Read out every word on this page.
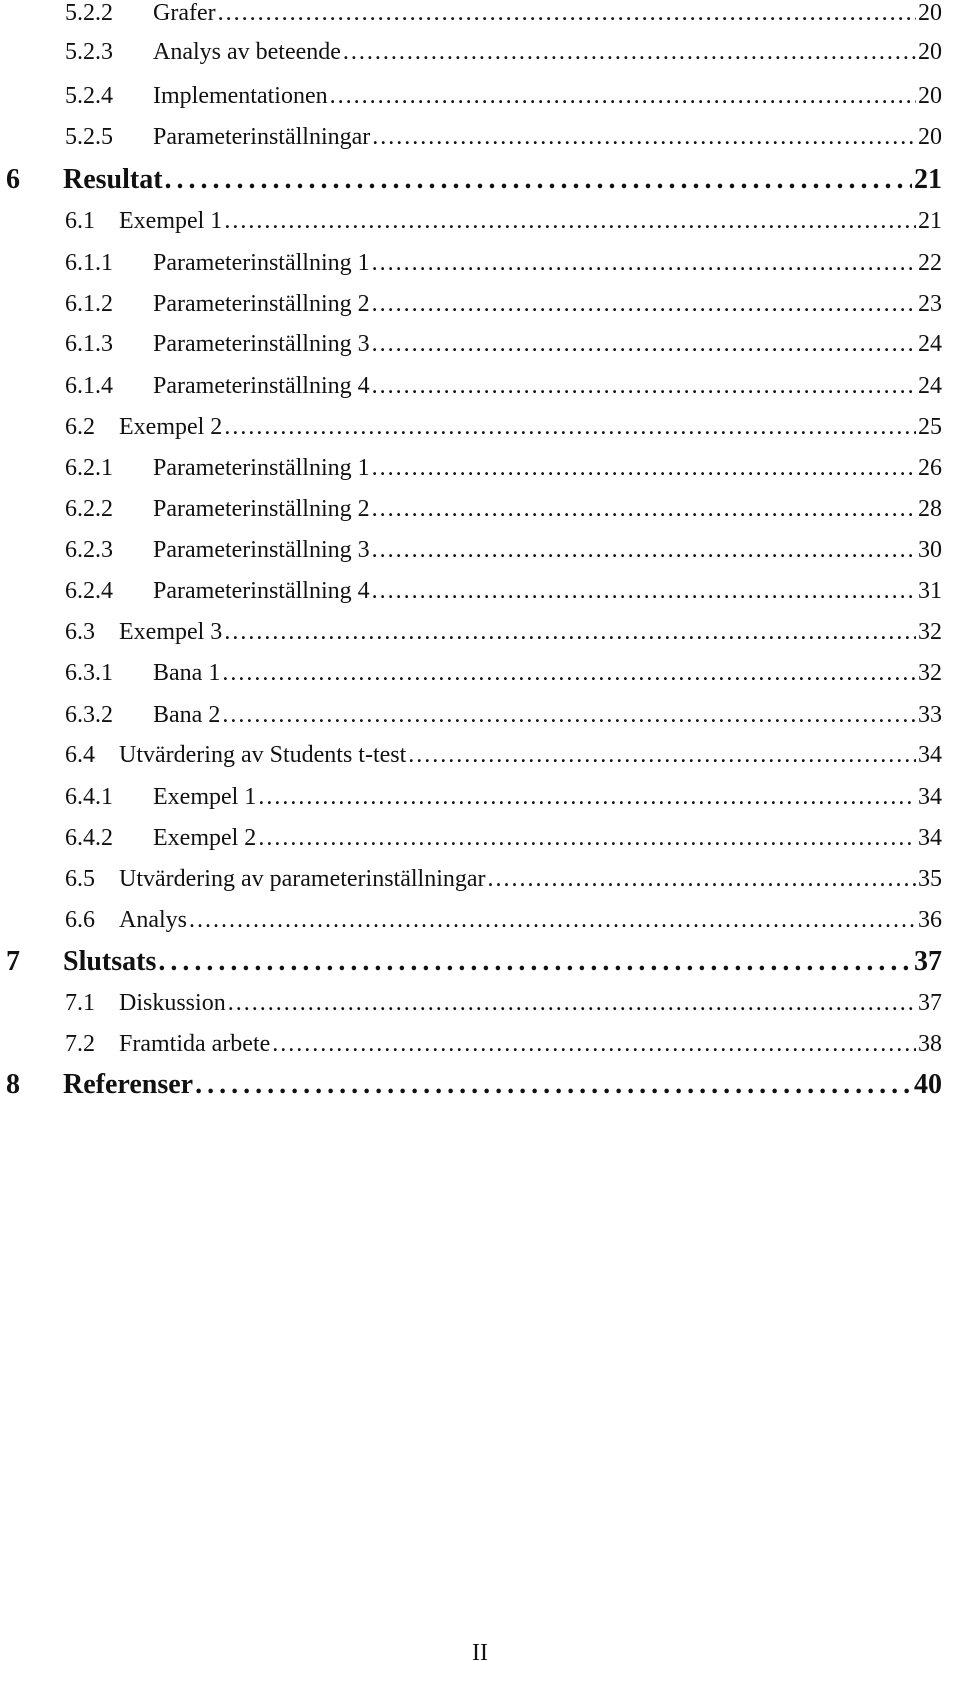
5.2.2	Grafer . . .	20
5.2.3	Analys av beteende . . .	20
5.2.4	Implementationen . . .	20
5.2.5	Parameterinställningar . . .	20
6	Resultat . . .	21
6.1 Exempel 1 . . .	21
6.1.1	Parameterinställning 1 . . .	22
6.1.2	Parameterinställning 2 . . .	23
6.1.3	Parameterinställning 3 . . .	24
6.1.4	Parameterinställning 4 . . .	24
6.2 Exempel 2 . . .	25
6.2.1	Parameterinställning 1 . . .	26
6.2.2	Parameterinställning 2 . . .	28
6.2.3	Parameterinställning 3 . . .	30
6.2.4	Parameterinställning 4 . . .	31
6.3 Exempel 3 . . .	32
6.3.1	Bana 1 . . .	32
6.3.2	Bana 2 . . .	33
6.4 Utvärdering av Students t-test . . .	34
6.4.1	Exempel 1 . . .	34
6.4.2	Exempel 2 . . .	34
6.5 Utvärdering av parameterinställningar . . .	35
6.6 Analys . . .	36
7	Slutsats . . .	37
7.1 Diskussion . . .	37
7.2 Framtida arbete . . .	38
8	Referenser . . .	40
II
